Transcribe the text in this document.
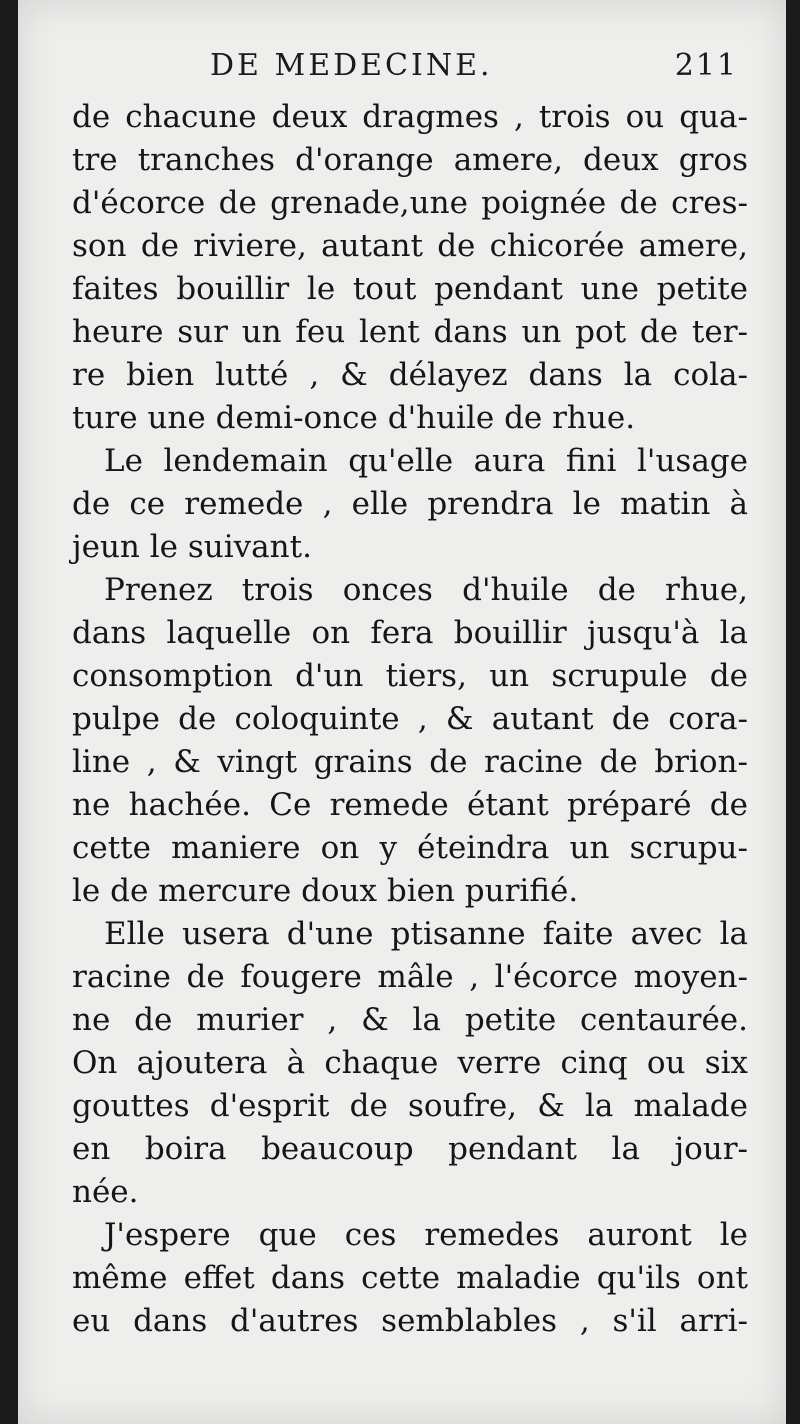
DE MEDECINE.	211
de chacune deux dragmes , trois ou qua-
tre tranches d'orange amere, deux gros
d'écorce de grenade,une poignée de cres-
son de riviere, autant de chicorée amere,
faites bouillir le tout pendant une petite
heure sur un feu lent dans un pot de ter-
re bien lutté , & délayez dans la cola-
ture une demi-once d'huile de rhue.
Le lendemain qu'elle aura fini l'usage
de ce remede , elle prendra le matin à
jeun le suivant.
Prenez trois onces d'huile de rhue,
dans laquelle on fera bouillir jusqu'à la
consomption d'un tiers, un scrupule de
pulpe de coloquinte , & autant de cora-
line , & vingt grains de racine de brion-
ne hachée. Ce remede étant préparé de
cette maniere on y éteindra un scrupu-
le de mercure doux bien purifié.
Elle usera d'une ptisanne faite avec la
racine de fougere mâle , l'écorce moyen-
ne de murier , & la petite centaurée.
On ajoutera à chaque verre cinq ou six
gouttes d'esprit de soufre, & la malade
en boira beaucoup pendant la jour-
née.
J'espere que ces remedes auront le
même effet dans cette maladie qu'ils ont
eu dans d'autres semblables , s'il arri-
